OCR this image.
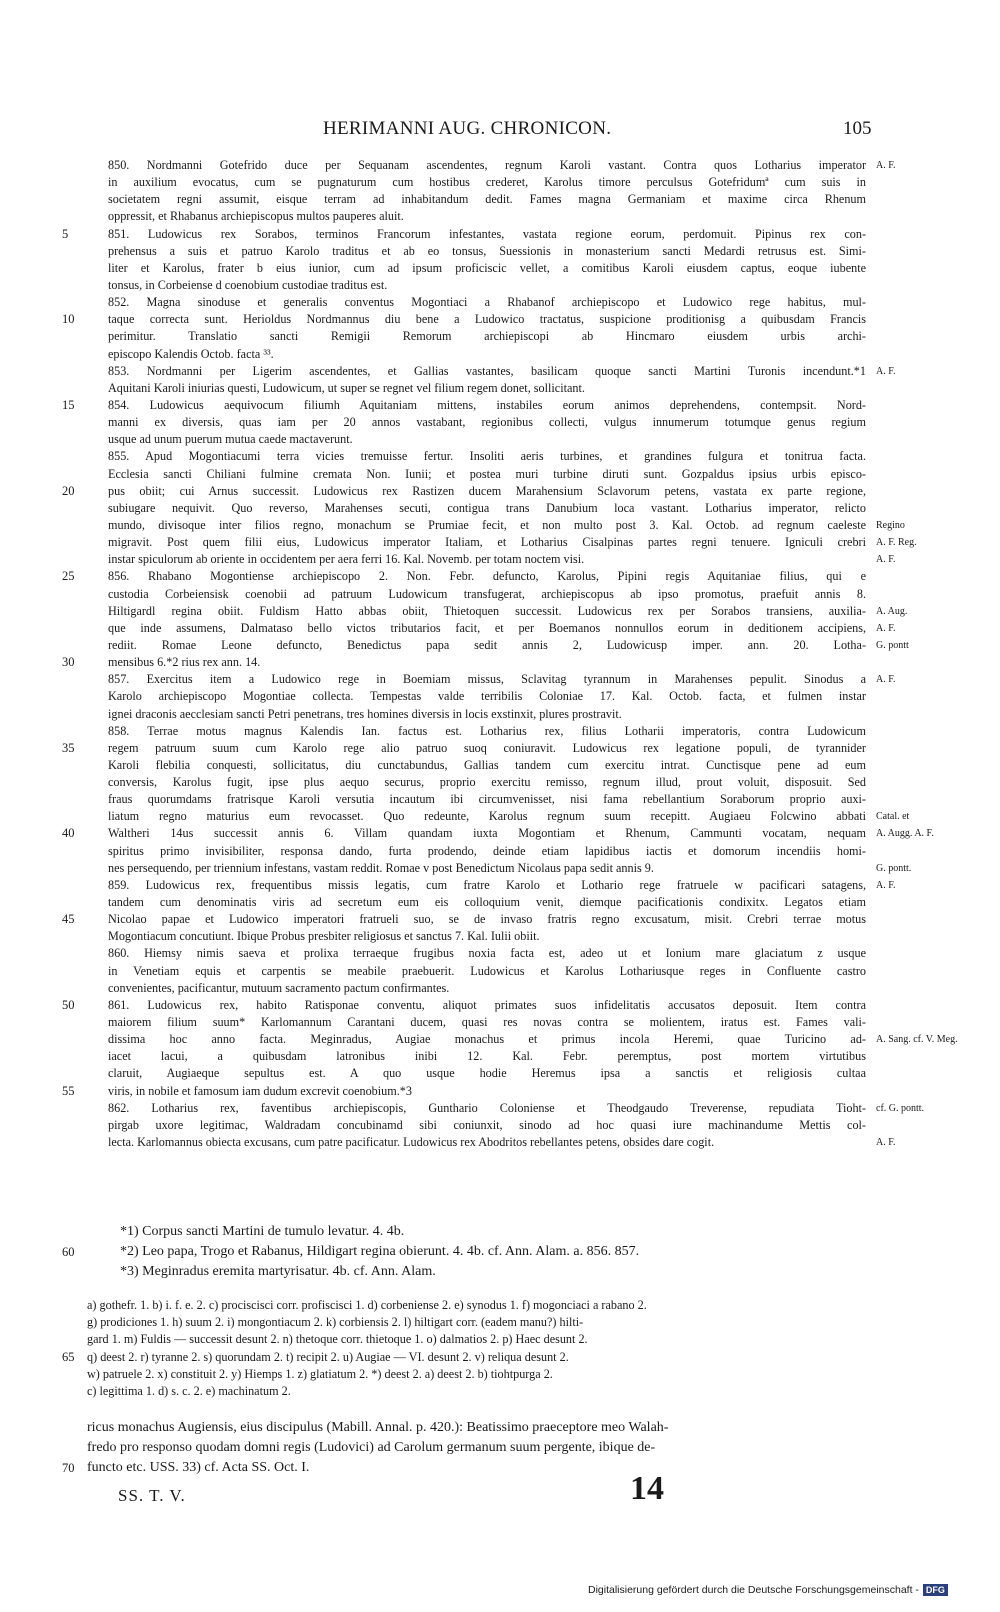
HERIMANNI AUG. CHRONICON.	105
850. Nordmanni Gotefrido duce per Sequanam ascendentes, regnum Karoli vastant. Contra quos Lotharius imperator A. F.
in auxilium evocatus, cum se pugnaturum cum hostibus crederet, Karolus timore perculsus Gotefridumª cum suis in
societatem regni assumit, eisque terram ad inhabitandum dedit. Fames magna Germaniam et maxime circa Rhenum
oppressit, et Rhabanus archiepiscopus multos pauperes aluit.
5	851. Ludowicus rex Sorabos, terminos Francorum infestantes, vastata regione eorum, perdomuit. Pipinus rex con-
prehensus a suis et patruo Karolo traditus et ab eo tonsus, Suessionis in monasterium sancti Medardi retrusus est. Simi-
liter et Karolus, frater b eius iunior, cum ad ipsum proficiscic vellet, a comitibus Karoli eiusdem captus, eoque iubente
tonsus, in Corbeiense d coenobium custodiae traditus est.
852. Magna sinoduse et generalis conventus Mogontiaci a Rhabanof archiepiscopo et Ludowico rege habitus, mul-
10	taque correcta sunt. Herioldus Nordmannus diu bene a Ludowico tractatus, suspicione proditionisg a quibusdam Francis
perimitur. Translatio sancti Remigii Remorum archiepiscopi ab Hincmaro eiusdem urbis archi-
episcopo Kalendis Octob. facta ³³.
853. Nordmanni per Ligerim ascendentes, et Gallias vastantes, basilicam quoque sancti Martini Turonis incendunt.*1 A. F.
Aquitani Karoli iniurias questi, Ludowicum, ut super se regnet vel filium regem donet, sollicitant.
15	854. Ludowicus aequivocum filiumh Aquitaniam mittens, instabiles eorum animos deprehendens, contempsit. Nord-
manni ex diversis, quas iam per 20 annos vastabant, regionibus collecti, vulgus innumerum totumque genus regium
usque ad unum puerum mutua caede mactaverunt.
855. Apud Mogontiacumi terra vicies tremuisse fertur. Insoliti aeris turbines, et grandines fulgura et tonitrua facta.
Ecclesia sancti Chiliani fulmine cremata Non. Iunii; et postea muri turbine diruti sunt. Gozpaldus ipsius urbis episco-
20	pus obiit; cui Arnus successit. Ludowicus rex Rastizen ducem Marahensium Sclavorum petens, vastata ex parte regione,
subiugare nequivit. Quo reverso, Marahenses secuti, contigua trans Danubium loca vastant. Lotharius imperator, relicto
mundo, divisoque inter filios regno, monachum se Prumiae fecit, et non multo post 3. Kal. Octob. ad regnum caeleste Regino
migravit. Post quem filii eius, Ludowicus imperator Italiam, et Lotharius Cisalpinas partes regni tenuere. Igniculi crebri A. F. Reg.
instar spiculorum ab oriente in occidentem per aera ferri 16. Kal. Novemb. per totam noctem visi.	A. F.
25	856. Rhabano Mogontiense archiepiscopo 2. Non. Febr. defuncto, Karolus, Pipini regis Aquitaniae filius, qui e
custodia Corbeiensisk coenobii ad patruum Ludowicum transfugerat, archiepiscopus ab ipso promotus, praefuit annis 8.
Hiltigardl regina obiit. Fuldism Hatto abbas obiit, Thietoquen successit. Ludowicus rex per Sorabos transiens, auxilia- A. Aug.
que inde assumens, Dalmataso bello victos tributarios facit, et per Boemanos nonnullos eorum in deditionem accipiens, A. F.
rediit. Romae Leone defuncto, Benedictus papa sedit annis 2, Ludowicusp imper. ann. 20. Lotha- G. pontt
30	mensibus 6.*2 rius rex ann. 14.
857. Exercitus item a Ludowico rege in Boemiam missus, Sclavitag tyrannum in Marahenses pepulit. Sinodus a A. F.
Karolo archiepiscopo Mogontiae collecta. Tempestas valde terribilis Coloniae 17. Kal. Octob. facta, et fulmen instar
ignei draconis aecclesiam sancti Petri penetrans, tres homines diversis in locis exstinxit, plures prostravit.
858. Terrae motus magnus Kalendis Ian. factus est. Lotharius rex, filius Lotharii imperatoris, contra Ludowicum
35	regem patruum suum cum Karolo rege alio patruo suoq coniuravit. Ludowicus rex legatione populi, de tyrannider
Karoli flebilia conquesti, sollicitatus, diu cunctabundus, Gallias tandem cum exercitu intrat. Cunctisque pene ad eum
conversis, Karolus fugit, ipse plus aequo securus, proprio exercitu remisso, regnum illud, prout voluit, disposuit. Sed
fraus quorumdams fratrisque Karoli versutia incautum ibi circumvenisset, nisi fama rebellantium Soraborum proprio auxi-
liatum regno maturius eum revocasset. Quo redeunte, Karolus regnum suum recepitt. Augiaeu Folcwino abbati Catal. et
40	Waltheri 14us successit annis 6. Villam quandam iuxta Mogontiam et Rhenum, Cammunti vocatam, nequam A. Augg. A. F.
spiritus primo invisibiliter, responsa dando, furta prodendo, deinde etiam lapidibus iactis et domorum incendiis homi-
nes persequendo, per triennium infestans, vastam reddit. Romae v post Benedictum Nicolaus papa sedit annis 9.	G. pontt.
859. Ludowicus rex, frequentibus missis legatis, cum fratre Karolo et Lothario rege fratruele w pacificari satagens, A. F.
tandem cum denominatis viris ad secretum eum eis colloquium venit, diemque pacificationis condixitx. Legatos etiam
45	Nicolao papae et Ludowico imperatori fratrueli suo, se de invaso fratris regno excusatum, misit. Crebri terrae motus
Mogontiacum concutiunt. Ibique Probus presbiter religiosus et sanctus 7. Kal. Iulii obiit.
860. Hiemsy nimis saeva et prolixa terraeque frugibus noxia facta est, adeo ut et Ionium mare glaciatum z usque
in Venetiam equis et carpentis se meabile praebuerit. Ludowicus et Karolus Lothariusque reges in Confluente castro
convenientes, pacificantur, mutuum sacramento pactum confirmantes.
50	861. Ludowicus rex, habito Ratisponae conventu, aliquot primates suos infidelitatis accusatos deposuit. Item contra
maiorem filium suum* Karlomannum Carantani ducem, quasi res novas contra se molientem, iratus est. Fames vali-
dissima hoc anno facta. Meginradus, Augiae monachus et primus incola Heremi, quae Turicino ad- A. Sang. cf. V. Meg.
iacet lacui, a quibusdam latronibus inibi 12. Kal. Febr. peremptus, post mortem virtutibus
claruit, Augiaeque sepultus est. A quo usque hodie Heremus ipsa a sanctis et religiosis cultaa
55	viris, in nobile et famosum iam dudum excrevit coenobium.*3
862. Lotharius rex, faventibus archiepiscopis, Gunthario Coloniense et Theodgaudo Treverense, repudiata Tioht- cf. G. pontt.
pirgab uxore legitimac, Waldradam concubinamd sibi coniunxit, sinodo ad hoc quasi iure machinandume Mettis col-
lecta. Karlomannus obiecta excusans, cum patre pacificatur. Ludowicus rex Abodritos rebellantes petens, obsides dare cogit.	A. F.
*1) Corpus sancti Martini de tumulo levatur. 4. 4b.
60	*2) Leo papa, Trogo et Rabanus, Hildigart regina obierunt. 4. 4b. cf. Ann. Alam. a. 856. 857.
*3) Meginradus eremita martyrisatur. 4b. cf. Ann. Alam.
a) gothefr. 1. b) i. f. e. 2. c) prociscisci corr. profiscisci 1. d) corbeniense 2. e) synodus 1. f) mogonciaci a rabano 2.
g) prodiciones 1. h) suum 2. i) mongontiacum 2. k) corbiensis 2. l) hiltigart corr. (eadem manu?) hilti-
gard 1. m) Fuldis — successit desunt 2. n) thetoque corr. thietoque 1. o) dalmatios 2. p) Haec desunt 2.
65 q) deest 2. r) tyranne 2. s) quorundam 2. t) recipit 2. u) Augiae — VI. desunt 2. v) reliqua desunt 2.
w) patruele 2. x) constituit 2. y) Hiemps 1. z) glatiatum 2. *) deest 2. a) deest 2. b) tiohtpurga 2.
c) legittima 1. d) s. c. 2. e) machinatum 2.
ricus monachus Augiensis, eius discipulus (Mabill. Annal. p. 420.): Beatissimo praeceptore meo Walah-
fredo pro responso quodam domni regis (Ludovici) ad Carolum germanum suum pergente, ibique de-
70 functo etc. USS. 33) cf. Acta SS. Oct. I.
SS. T. V.	14
Digitalisierung gefördert durch die Deutsche Forschungsgemeinschaft - DFG
